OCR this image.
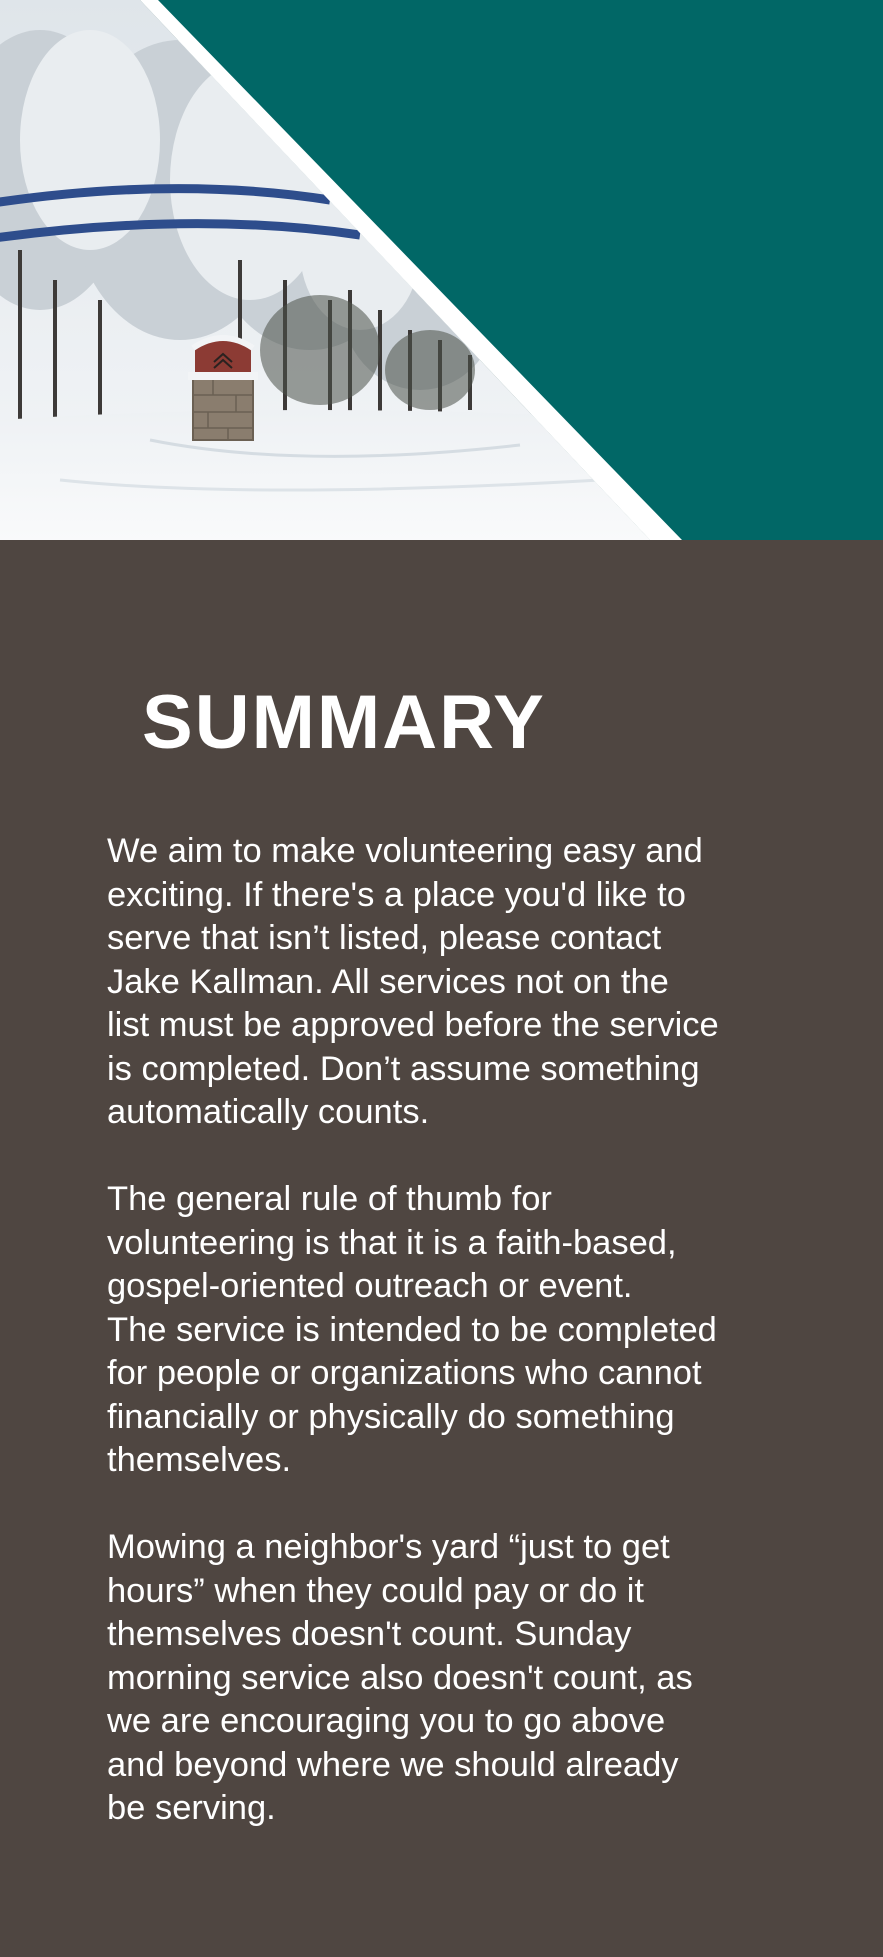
SUMMARY

We aim to make volunteering easy and
exciting. If there's a place you'd like to
serve that isn’t listed, please contact
Jake Kallman. All services not on the
list must be approved before the service
is completed. Don’t assume something
automatically counts.

The general rule of thumb for
volunteering is that it is a faith-based,
gospel-oriented outreach or event.
The service is intended to be completed
for people or organizations who cannot
financially or physically do something
themselves.

Mowing a neighbor's yard “just to get
hours” when they could pay or do it
themselves doesn't count. Sunday
morning service also doesn't count, as
we are encouraging you to go above
and beyond where we should already
be serving.
